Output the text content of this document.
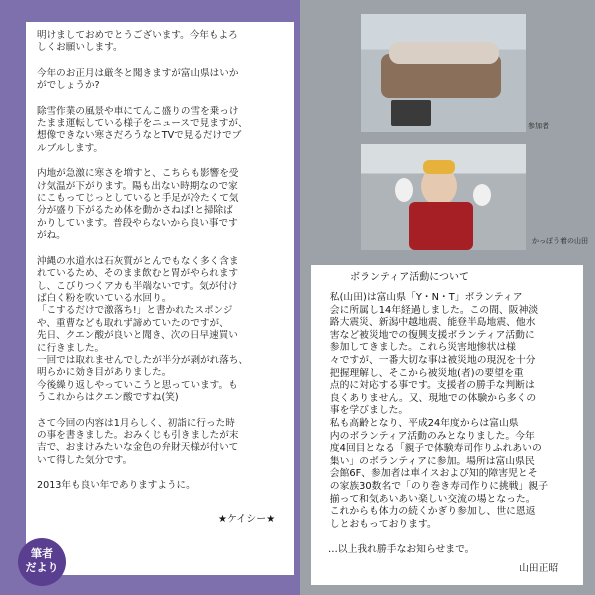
明けましておめでとうございます。今年もよろ
しくお願いします。

今年のお正月は厳冬と聞きますが富山県はいか
がでしょうか?

除雪作業の風景や車にてんこ盛りの雪を乗っけ
たまま運転している様子をニュースで見ますが、
想像できない寒さだろうなとTVで見るだけでブ
ルブルします。

内地が急激に寒さを増すと、こちらも影響を受
け気温が下がります。陽も出ない時期なので家
にこもってじっとしていると手足が冷たくて気
分が盛り下がるため体を動かさねば!と掃除ば
かりしています。普段やらないから良い事です
がね。

沖縄の水道水は石灰質がとんでもなく多く含ま
れているため、そのまま飲むと胃がやられます
し、こびりつくアカも半端ないです。気が付け
ば白く粉を吹いている水回り。
「こするだけで激落ち!」と書かれたスポンジ
や、重曹なども取れず諦めていたのですが、
先日、クエン酸が良いと聞き、次の日早速買い
に行きました。
一回では取れませんでしたが半分が剥がれ落ち、
明らかに効き目がありました。
今後繰り返しやっていこうと思っています。も
うこれからはクエン酸ですね(笑)

さて今回の内容は1月らしく、初詣に行った時
の事を書きました。おみくじも引きましたが末
吉で、おまけみたいな金色の弁財天様が付いて
いて得した気分です。

2013年も良い年でありますように。

★ケイシー★
筆者
だより
参加者
かっぽう着の山田
ボランティア活動について

私(山田)は富山県「Y・N・T」ボランティア
会に所属し14年経過しました。この間、阪神淡
路大震災、新潟中越地震、能登半島地震、他水
害など被災地での復興支援ボランティア活動に
参加してきました。これら災害地惨状は様
々ですが、一番大切な事は被災地の現況を十分
把握理解し、そこから被災地(者)の要望を重
点的に対応する事です。支援者の勝手な判断は
良くありません。又、現地での体験から多くの
事を学びました。

私も高齢となり、平成24年度からは富山県
内のボランティア活動のみとなりました。今年
度4回目となる「親子で体験寿司作りふれあいの
集い」のボランティアに参加。場所は富山県民
会館6F、参加者は車イスおよび知的障害児とそ
の家族30数名で「のり巻き寿司作りに挑戦」親子
揃って和気あいあい楽しい交流の場となった。
これからも体力の続くかぎり参加し、世に恩返
しとおもっております。

…以上我れ勝手なお知らせまで。
山田正昭
